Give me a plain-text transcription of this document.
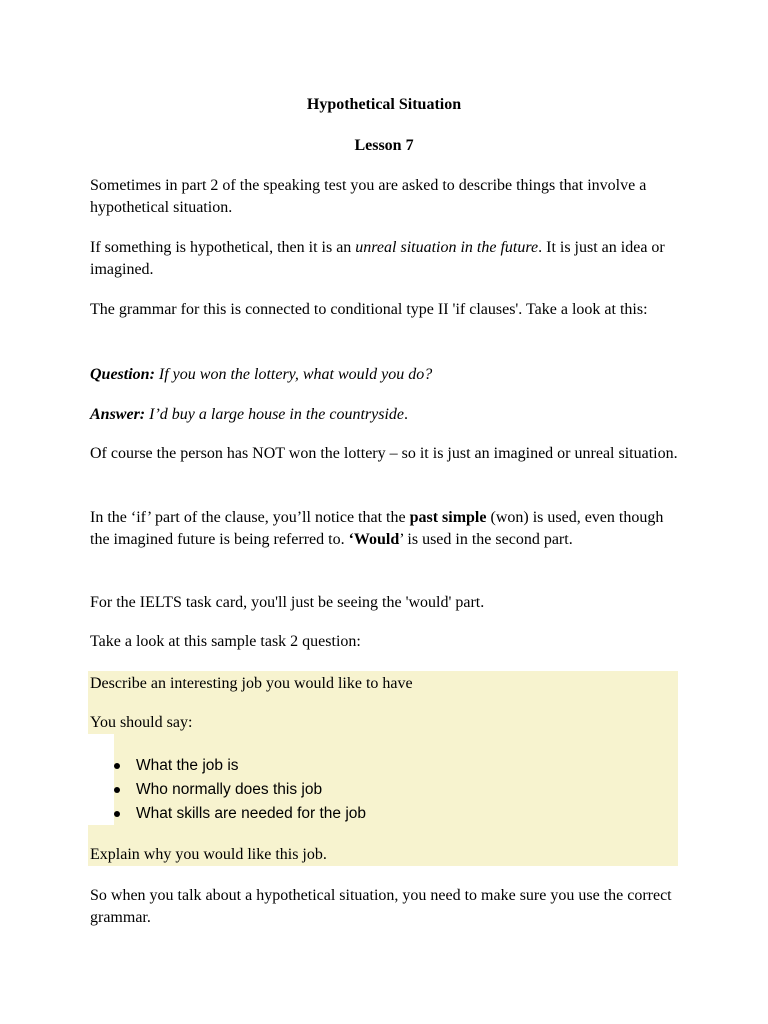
Hypothetical Situation
Lesson 7

Sometimes in part 2 of the speaking test you are asked to describe things that involve a hypothetical situation.

If something is hypothetical, then it is an unreal situation in the future. It is just an idea or imagined.

The grammar for this is connected to conditional type II 'if clauses'. Take a look at this:

Question: If you won the lottery, what would you do?

Answer: I’d buy a large house in the countryside.

Of course the person has NOT won the lottery – so it is just an imagined or unreal situation.

In the ‘if’ part of the clause, you’ll notice that the past simple (won) is used, even though the imagined future is being referred to. ‘Would’ is used in the second part.

For the IELTS task card, you'll just be seeing the 'would' part.

Take a look at this sample task 2 question:

Describe an interesting job you would like to have

You should say:

What the job is
Who normally does this job
What skills are needed for the job

Explain why you would like this job.

So when you talk about a hypothetical situation, you need to make sure you use the correct grammar.
